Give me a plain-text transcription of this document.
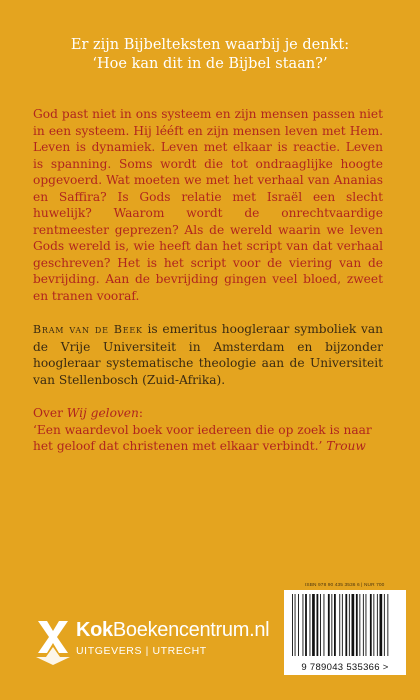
Er zijn Bijbelteksten waarbij je denkt:
‘Hoe kan dit in de Bijbel staan?’
God past niet in ons systeem en zijn mensen passen niet in een systeem. Hij lééft en zijn mensen leven met Hem. Leven is dynamiek. Leven met elkaar is reactie. Leven is spanning. Soms wordt die tot ondraaglijke hoogte opgevoerd. Wat moeten we met het verhaal van Ananias en Saffira? Is Gods relatie met Israël een slecht huwelijk? Waarom wordt de onrechtvaardige rentmeester geprezen? Als de wereld waarin we leven Gods wereld is, wie heeft dan het script van dat verhaal geschreven? Het is het script voor de viering van de bevrijding. Aan de bevrijding gingen veel bloed, zweet en tranen vooraf.
Bram van de Beek is emeritus hoogleraar symboliek van de Vrije Universiteit in Amsterdam en bijzonder hoogleraar systematische theologie aan de Universiteit van Stellenbosch (Zuid-Afrika).
Over Wij geloven:
‘Een waardevol boek voor iedereen die op zoek is naar het geloof dat christenen met elkaar verbindt.’ Trouw
ISBN 978 90 435 3536 6 | NUR 700
9 789043 535366 >
KokBoekencentrum.nl
UITGEVERS | UTRECHT
